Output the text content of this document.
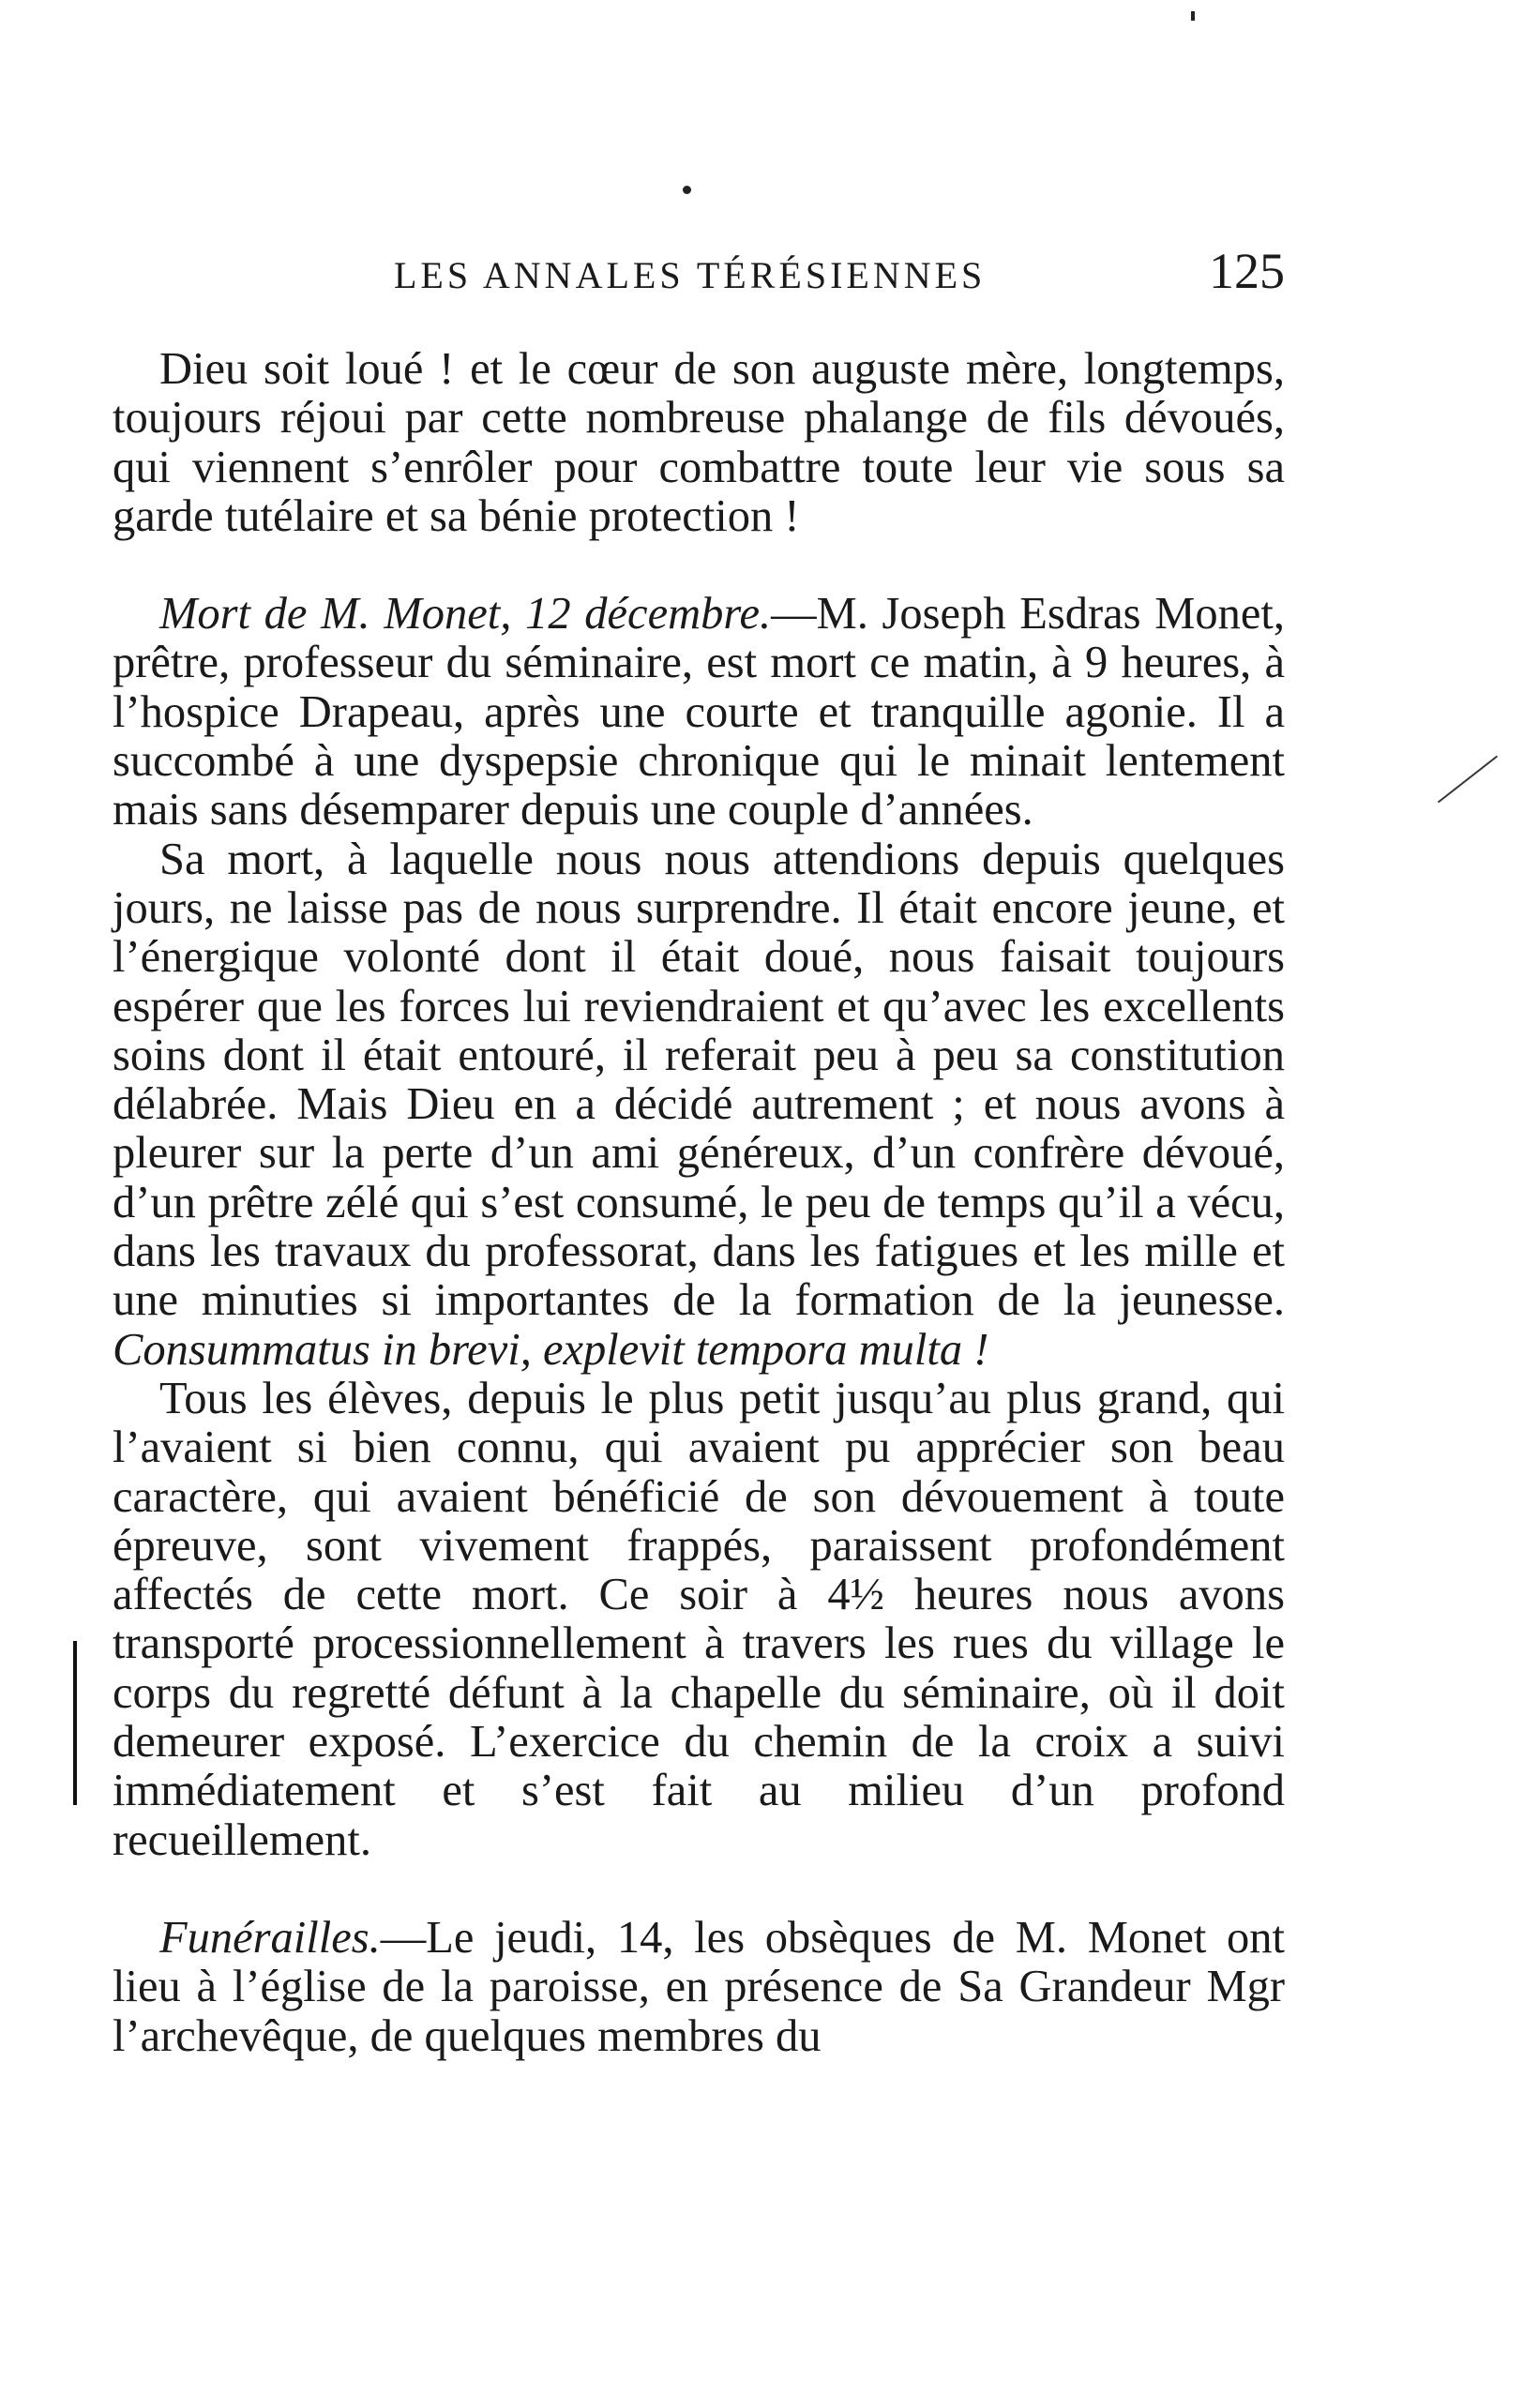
LES ANNALES TÉRÉSIENNES	125

Dieu soit loué ! et le cœur de son auguste mère, longtemps, toujours réjoui par cette nombreuse phalange de fils dévoués, qui viennent s’enrôler pour combattre toute leur vie sous sa garde tutélaire et sa bénie protection !

Mort de M. Monet, 12 décembre.—M. Joseph Esdras Monet, prêtre, professeur du séminaire, est mort ce matin, à 9 heures, à l’hospice Drapeau, après une courte et tranquille agonie. Il a succombé à une dyspepsie chronique qui le minait lentement mais sans désemparer depuis une couple d’années.

Sa mort, à laquelle nous nous attendions depuis quelques jours, ne laisse pas de nous surprendre. Il était encore jeune, et l’énergique volonté dont il était doué, nous faisait toujours espérer que les forces lui reviendraient et qu’avec les excellents soins dont il était entouré, il referait peu à peu sa constitution délabrée. Mais Dieu en a décidé autrement ; et nous avons à pleurer sur la perte d’un ami généreux, d’un confrère dévoué, d’un prêtre zélé qui s’est consumé, le peu de temps qu’il a vécu, dans les travaux du professorat, dans les fatigues et les mille et une minuties si importantes de la formation de la jeunesse. Consummatus in brevi, explevit tempora multa !

Tous les élèves, depuis le plus petit jusqu’au plus grand, qui l’avaient si bien connu, qui avaient pu apprécier son beau caractère, qui avaient bénéficié de son dévouement à toute épreuve, sont vivement frappés, paraissent profondément affectés de cette mort. Ce soir à 4½ heures nous avons transporté processionnellement à travers les rues du village le corps du regretté défunt à la chapelle du séminaire, où il doit demeurer exposé. L’exercice du chemin de la croix a suivi immédiatement et s’est fait au milieu d’un profond recueillement.

Funérailles.—Le jeudi, 14, les obsèques de M. Monet ont lieu à l’église de la paroisse, en présence de Sa Grandeur Mgr l’archevêque, de quelques membres du
